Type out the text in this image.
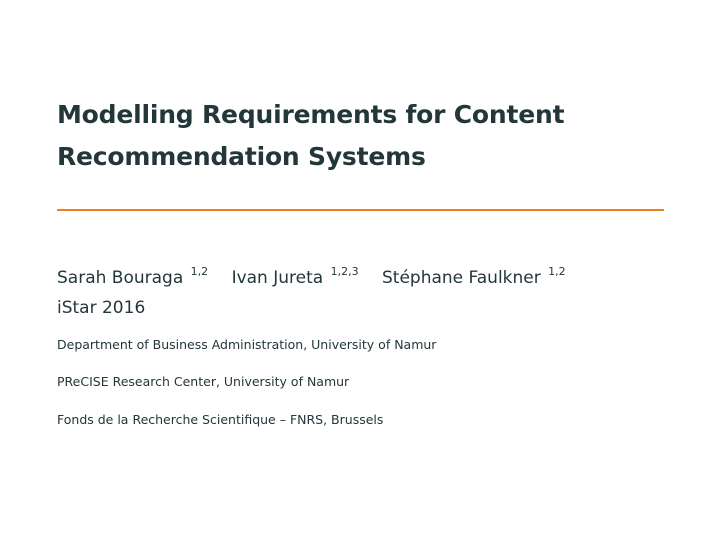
Modelling Requirements for Content
Recommendation Systems
Sarah Bouraga $^{1,2}$ Ivan Jureta $^{1,2,3}$ Stéphane Faulkner $^{1,2}$
iStar 2016
Department of Business Administration, University of Namur
PReCISE Research Center, University of Namur
Fonds de la Recherche Scientifique – FNRS, Brussels
